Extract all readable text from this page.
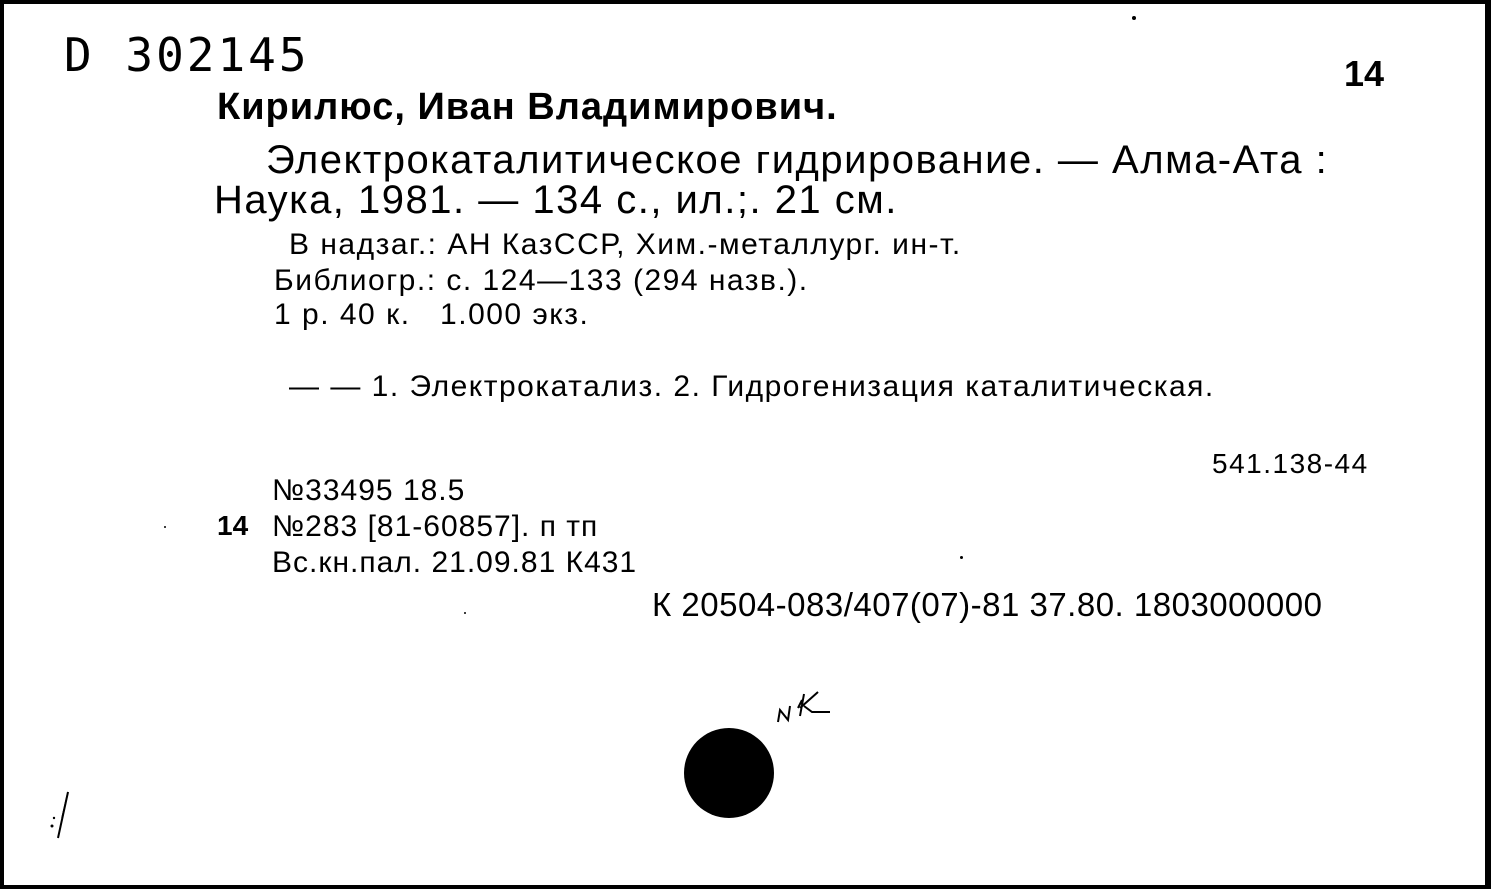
D 302145	14
Кирилюс, Иван Владимирович.
Электрокаталитическое гидрирование. — Алма-Ата :
Наука, 1981. — 134 с., ил.;. 21 см.
В надзаг.: АН КазССР, Хим.-металлург. ин-т.
Библиогр.: с. 124—133 (294 назв.).
1 р. 40 к.   1.000 экз.
— — 1. Электрокатализ. 2. Гидрогенизация каталитическая.
541.138-44
№33495 18.5
14 №283 [81-60857]. п тп
Вс.кн.пал. 21.09.81 К431
К 20504-083/407(07)-81 37.80. 1803000000
